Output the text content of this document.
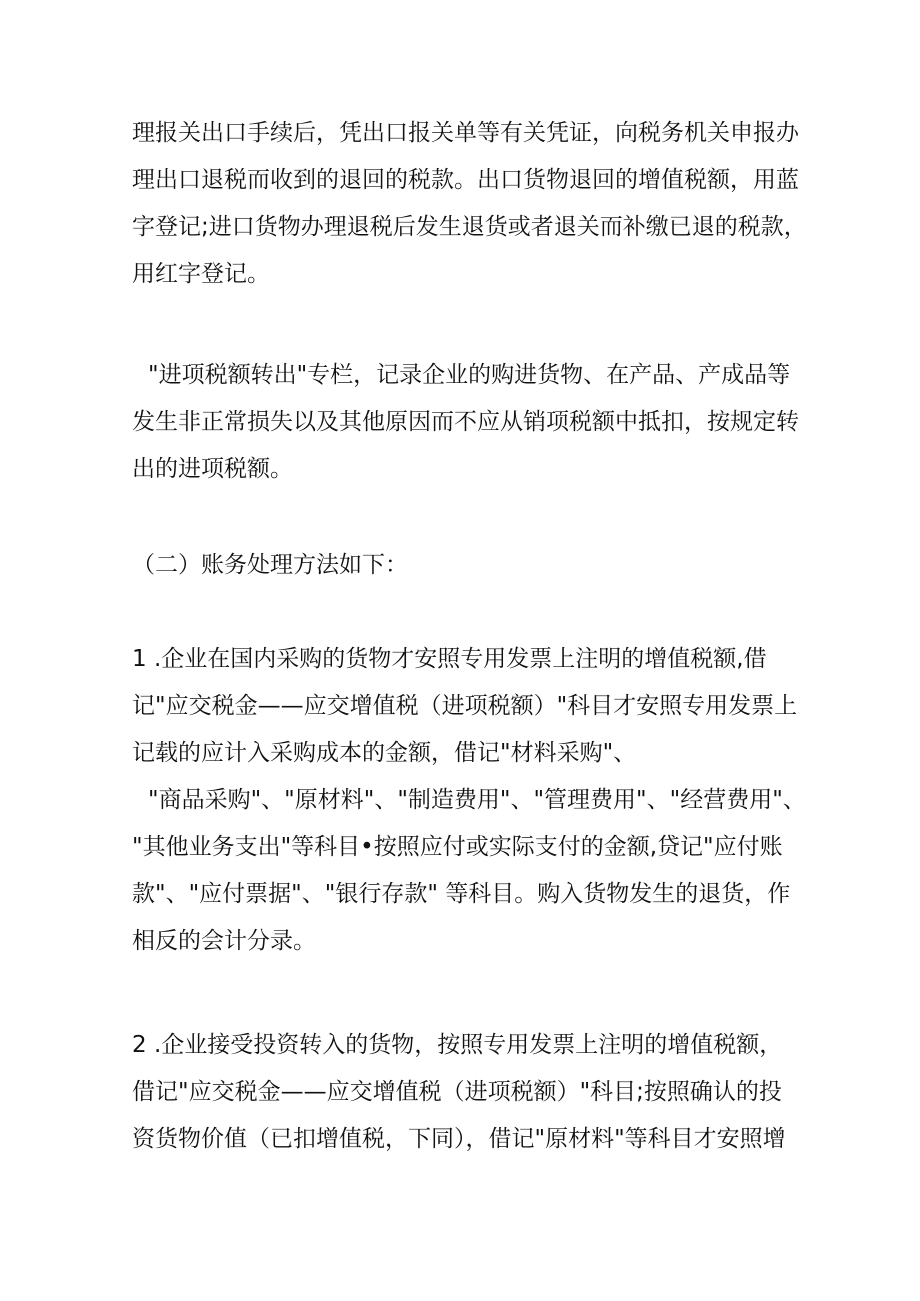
理报关出口手续后，凭出口报关单等有关凭证，向税务机关申报办
理出口退税而收到的退回的税款。出口货物退回的增值税额，用蓝
字登记;进口货物办理退税后发生退货或者退关而补缴已退的税款，
用红字登记。
"进项税额转出"专栏，记录企业的购进货物、在产品、产成品等
发生非正常损失以及其他原因而不应从销项税额中抵扣，按规定转
出的进项税额。
（二）账务处理方法如下：
1 .企业在国内采购的货物才安照专用发票上注明的增值税额,借
记"应交税金——应交增值税（进项税额）"科目才安照专用发票上
记载的应计入采购成本的金额，借记"材料采购"、
"商品采购"、"原材料"、"制造费用"、"管理费用"、"经营费用"、
"其他业务支出"等科目•按照应付或实际支付的金额,贷记"应付账
款"、"应付票据"、"银行存款" 等科目。购入货物发生的退货，作
相反的会计分录。
2 .企业接受投资转入的货物，按照专用发票上注明的增值税额，
借记"应交税金——应交增值税（进项税额）"科目;按照确认的投
资货物价值（已扣增值税，下同），借记"原材料"等科目才安照增
